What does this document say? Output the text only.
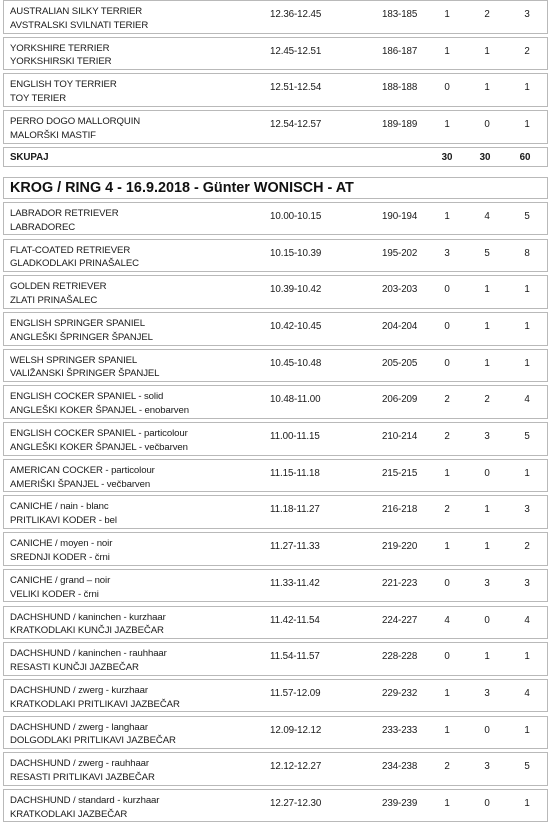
AUSTRALIAN SILKY TERRIER
AVSTRALSKI SVILNATI TERIER
12.36-12.45	183-185	1	2	3
YORKSHIRE TERRIER
YORKSHIRSKI TERIER
12.45-12.51	186-187	1	1	2
ENGLISH TOY TERRIER
TOY TERIER
12.51-12.54	188-188	0	1	1
PERRO DOGO MALLORQUIN
MALORŠKI MASTIF
12.54-12.57	189-189	1	0	1
SKUPAJ	30	30	60
KROG / RING 4 - 16.9.2018 - Günter WONISCH - AT
LABRADOR RETRIEVER
LABRADOREC
10.00-10.15	190-194	1	4	5
FLAT-COATED RETRIEVER
GLADKODLAKI PRINAŠALEC
10.15-10.39	195-202	3	5	8
GOLDEN RETRIEVER
ZLATI PRINAŠALEC
10.39-10.42	203-203	0	1	1
ENGLISH SPRINGER SPANIEL
ANGLEŠKI ŠPRINGER ŠPANJEL
10.42-10.45	204-204	0	1	1
WELSH SPRINGER SPANIEL
VALIŽANSKI ŠPRINGER ŠPANJEL
10.45-10.48	205-205	0	1	1
ENGLISH COCKER SPANIEL - solid
ANGLEŠKI KOKER ŠPANJEL - enobarven
10.48-11.00	206-209	2	2	4
ENGLISH COCKER SPANIEL - particolour
ANGLEŠKI KOKER ŠPANJEL - večbarven
11.00-11.15	210-214	2	3	5
AMERICAN COCKER - particolour
AMERIŠKI ŠPANJEL - večbarven
11.15-11.18	215-215	1	0	1
CANICHE / nain - blanc
PRITLIKAVI KODER - bel
11.18-11.27	216-218	2	1	3
CANICHE / moyen - noir
SREDNJI KODER - črni
11.27-11.33	219-220	1	1	2
CANICHE / grand – noir
VELIKI KODER - črni
11.33-11.42	221-223	0	3	3
DACHSHUND / kaninchen - kurzhaar
KRATKODLAKI KUNČJI JAZBEČAR
11.42-11.54	224-227	4	0	4
DACHSHUND / kaninchen - rauhhaar
RESASTI KUNČJI JAZBEČAR
11.54-11.57	228-228	0	1	1
DACHSHUND / zwerg - kurzhaar
KRATKODLAKI PRITLIKAVI JAZBEČAR
11.57-12.09	229-232	1	3	4
DACHSHUND / zwerg - langhaar
DOLGODLAKI PRITLIKAVI JAZBEČAR
12.09-12.12	233-233	1	0	1
DACHSHUND / zwerg - rauhhaar
RESASTI PRITLIKAVI JAZBEČAR
12.12-12.27	234-238	2	3	5
DACHSHUND / standard - kurzhaar
KRATKODLAKI JAZBEČAR
12.27-12.30	239-239	1	0	1
